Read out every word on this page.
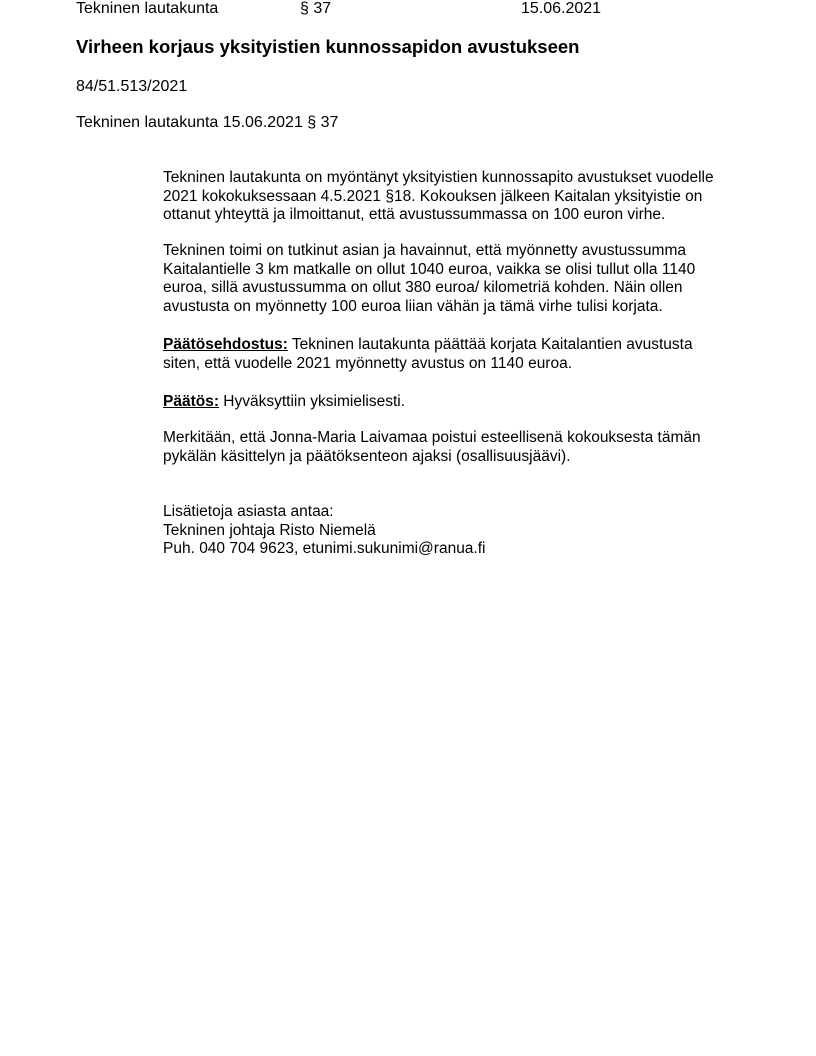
Tekninen lautakunta	§ 37	15.06.2021
Virheen korjaus yksityistien kunnossapidon avustukseen
84/51.513/2021
Tekninen lautakunta 15.06.2021 § 37

Tekninen lautakunta on myöntänyt yksityistien kunnossapito avustukset vuodelle
2021 kokokuksessaan 4.5.2021 §18. Kokouksen jälkeen Kaitalan yksityistie on
ottanut yhteyttä ja ilmoittanut, että avustussummassa on 100 euron virhe.

Tekninen toimi on tutkinut asian ja havainnut, että myönnetty avustussumma
Kaitalantielle 3 km matkalle on ollut 1040 euroa, vaikka se olisi tullut olla 1140
euroa, sillä avustussumma on ollut 380 euroa/ kilometriä kohden. Näin ollen
avustusta on myönnetty 100 euroa liian vähän ja tämä virhe tulisi korjata.

Päätösehdostus: Tekninen lautakunta päättää korjata Kaitalantien avustusta
siten, että vuodelle 2021 myönnetty avustus on 1140 euroa.

Päätös: Hyväksyttiin yksimielisesti.

Merkitään, että Jonna-Maria Laivamaa poistui esteellisenä kokouksesta tämän
pykälän käsittelyn ja päätöksenteon ajaksi (osallisuusjäävi).

Lisätietoja asiasta antaa:
Tekninen johtaja Risto Niemelä
Puh. 040 704 9623, etunimi.sukunimi@ranua.fi
